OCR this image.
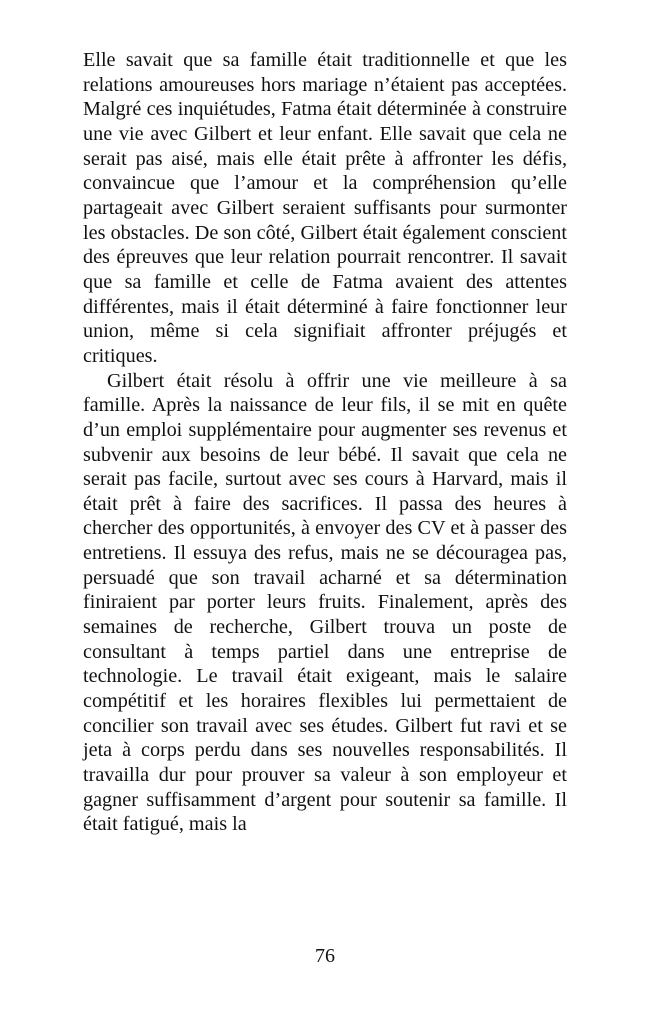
Elle savait que sa famille était traditionnelle et que les relations amoureuses hors mariage n’étaient pas acceptées. Malgré ces inquiétudes, Fatma était déterminée à construire une vie avec Gilbert et leur enfant. Elle savait que cela ne serait pas aisé, mais elle était prête à affronter les défis, convaincue que l’amour et la compréhension qu’elle partageait avec Gilbert seraient suffisants pour surmonter les obstacles. De son côté, Gilbert était également conscient des épreuves que leur relation pourrait rencontrer. Il savait que sa famille et celle de Fatma avaient des attentes différentes, mais il était déterminé à faire fonctionner leur union, même si cela signifiait affronter préjugés et critiques.

Gilbert était résolu à offrir une vie meilleure à sa famille. Après la naissance de leur fils, il se mit en quête d’un emploi supplémentaire pour augmenter ses revenus et subvenir aux besoins de leur bébé. Il savait que cela ne serait pas facile, surtout avec ses cours à Harvard, mais il était prêt à faire des sacrifices. Il passa des heures à chercher des opportunités, à envoyer des CV et à passer des entretiens. Il essuya des refus, mais ne se découragea pas, persuadé que son travail acharné et sa détermination finiraient par porter leurs fruits. Finalement, après des semaines de recherche, Gilbert trouva un poste de consultant à temps partiel dans une entreprise de technologie. Le travail était exigeant, mais le salaire compétitif et les horaires flexibles lui permettaient de concilier son travail avec ses études. Gilbert fut ravi et se jeta à corps perdu dans ses nouvelles responsabilités. Il travailla dur pour prouver sa valeur à son employeur et gagner suffisamment d’argent pour soutenir sa famille. Il était fatigué, mais la

76
